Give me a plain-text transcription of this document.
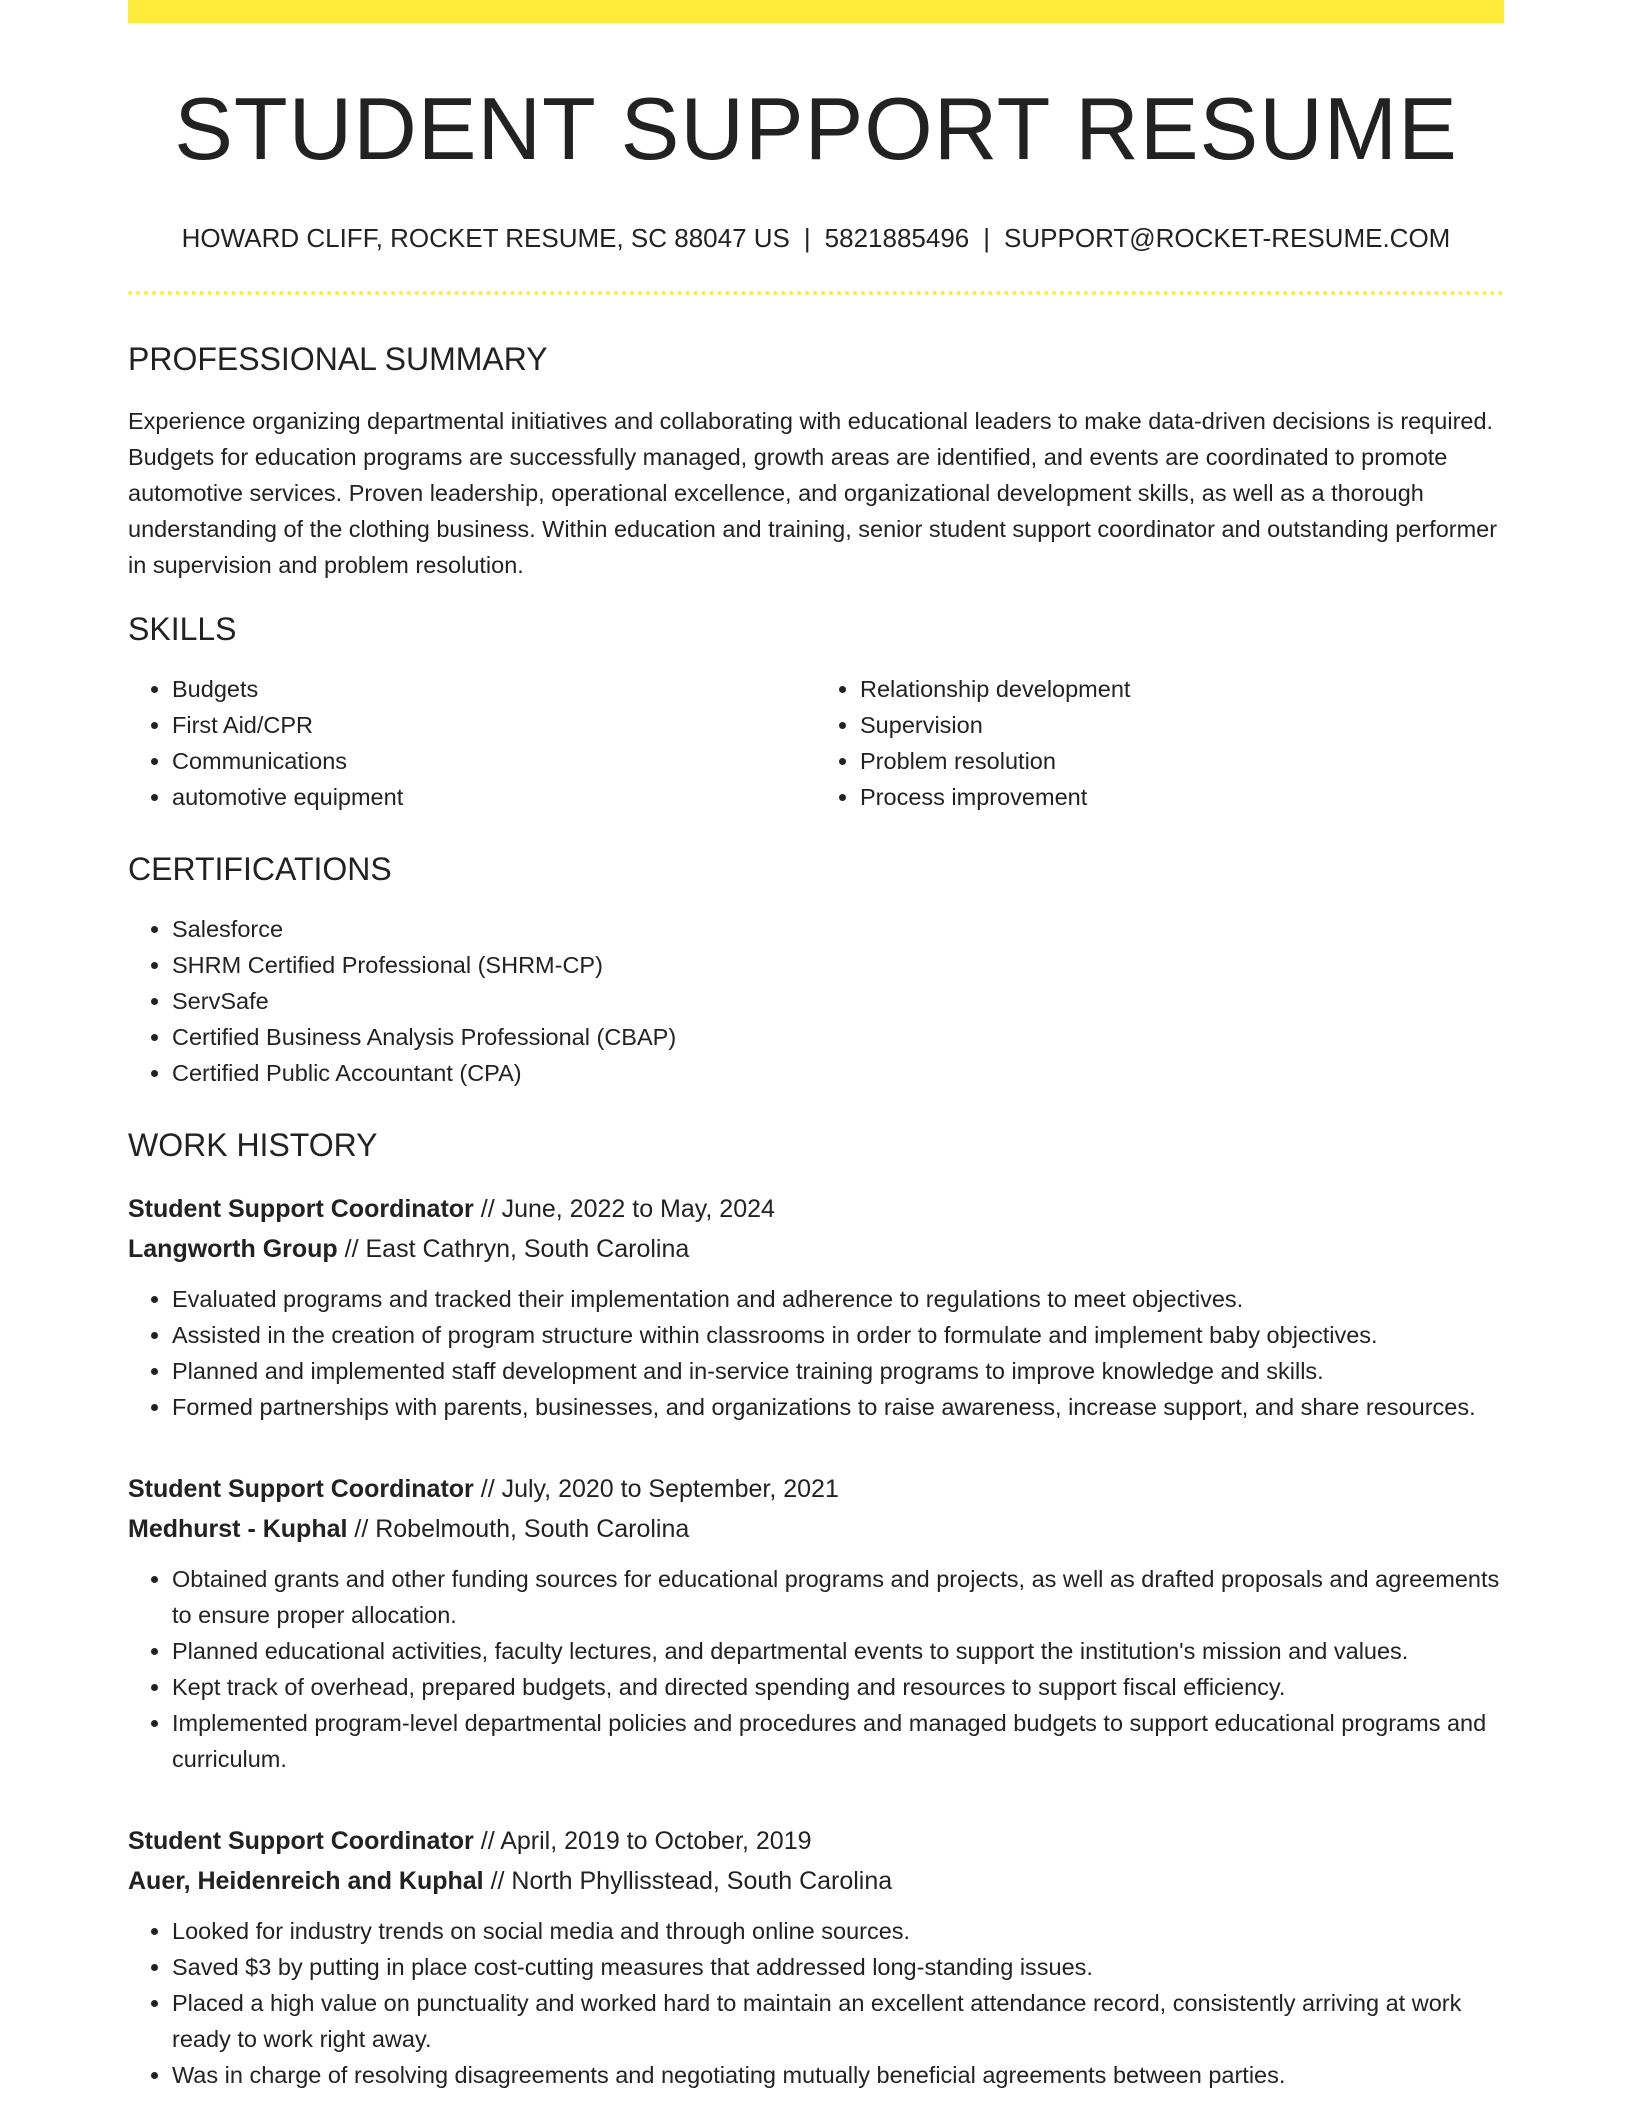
STUDENT SUPPORT RESUME
HOWARD CLIFF, ROCKET RESUME, SC 88047 US | 5821885496 | SUPPORT@ROCKET-RESUME.COM
PROFESSIONAL SUMMARY

Experience organizing departmental initiatives and collaborating with educational leaders to make data-driven decisions is required. Budgets for education programs are successfully managed, growth areas are identified, and events are coordinated to promote automotive services. Proven leadership, operational excellence, and organizational development skills, as well as a thorough understanding of the clothing business. Within education and training, senior student support coordinator and outstanding performer in supervision and problem resolution.

SKILLS
• Budgets
• First Aid/CPR
• Communications
• automotive equipment
• Relationship development
• Supervision
• Problem resolution
• Process improvement
CERTIFICATIONS
• Salesforce
• SHRM Certified Professional (SHRM-CP)
• ServSafe
• Certified Business Analysis Professional (CBAP)
• Certified Public Accountant (CPA)
WORK HISTORY
Student Support Coordinator // June, 2022 to May, 2024
Langworth Group // East Cathryn, South Carolina
• Evaluated programs and tracked their implementation and adherence to regulations to meet objectives.
• Assisted in the creation of program structure within classrooms in order to formulate and implement baby objectives.
• Planned and implemented staff development and in-service training programs to improve knowledge and skills.
• Formed partnerships with parents, businesses, and organizations to raise awareness, increase support, and share resources.
Student Support Coordinator // July, 2020 to September, 2021
Medhurst - Kuphal // Robelmouth, South Carolina
• Obtained grants and other funding sources for educational programs and projects, as well as drafted proposals and agreements to ensure proper allocation.
• Planned educational activities, faculty lectures, and departmental events to support the institution's mission and values.
• Kept track of overhead, prepared budgets, and directed spending and resources to support fiscal efficiency.
• Implemented program-level departmental policies and procedures and managed budgets to support educational programs and curriculum.
Student Support Coordinator // April, 2019 to October, 2019
Auer, Heidenreich and Kuphal // North Phyllisstead, South Carolina
• Looked for industry trends on social media and through online sources.
• Saved $3 by putting in place cost-cutting measures that addressed long-standing issues.
• Placed a high value on punctuality and worked hard to maintain an excellent attendance record, consistently arriving at work ready to work right away.
• Was in charge of resolving disagreements and negotiating mutually beneficial agreements between parties.
